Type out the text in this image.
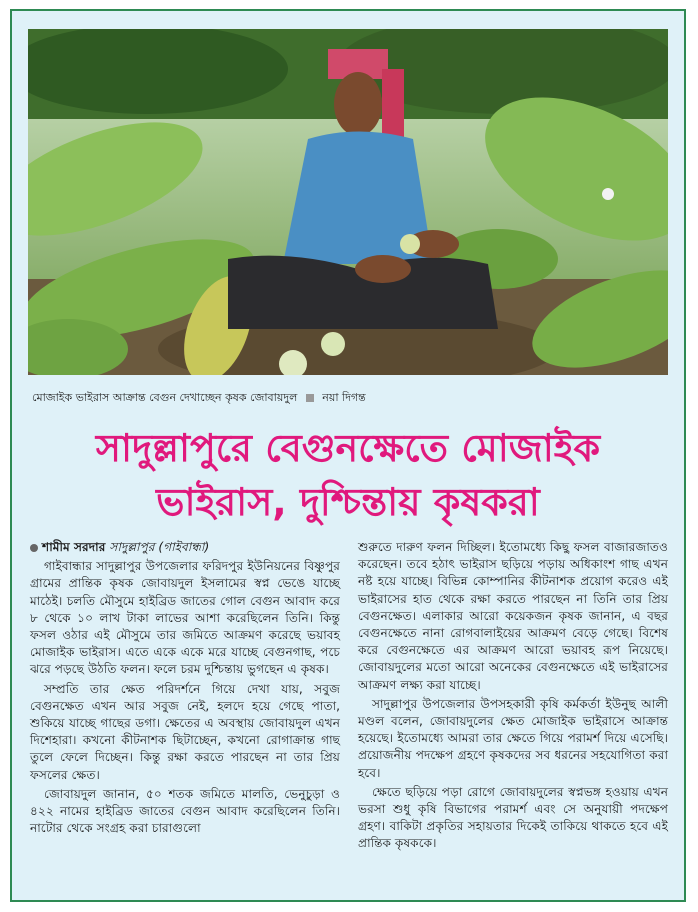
মোজাইক ভাইরাস আক্রান্ত বেগুন দেখাচ্ছেন কৃষক জোবায়দুল নয়া দিগন্ত
সাদুল্লাপুরে বেগুনক্ষেতে মোজাইক
ভাইরাস, দুশ্চিন্তায় কৃষকরা

শামীম সরদার সাদুল্লাপুর (গাইবান্ধা)

গাইবান্ধার সাদুল্লাপুর উপজেলার ফরিদপুর ইউনিয়নের বিষ্ণুপুর গ্রামের প্রান্তিক কৃষক জোবায়দুল ইসলামের স্বপ্ন ভেঙে যাচ্ছে মাঠেই। চলতি মৌসুমে হাইব্রিড জাতের গোল বেগুন আবাদ করে ৮ থেকে ১০ লাখ টাকা লাভের আশা করেছিলেন তিনি। কিন্তু ফসল ওঠার এই মৌসুমে তার জমিতে আক্রমণ করেছে ভয়াবহ মোজাইক ভাইরাস। এতে একে একে মরে যাচ্ছে বেগুনগাছ, পচে ঝরে পড়ছে উঠতি ফলন। ফলে চরম দুশ্চিন্তায় ভুগছেন এ কৃষক।

সম্প্রতি তার ক্ষেত পরিদর্শনে গিয়ে দেখা যায়, সবুজ বেগুনক্ষেত এখন আর সবুজ নেই, হলদে হয়ে গেছে পাতা, শুকিয়ে যাচ্ছে গাছের ডগা। ক্ষেতের এ অবস্থায় জোবায়দুল এখন দিশেহারা। কখনো কীটনাশক ছিটাচ্ছেন, কখনো রোগাক্রান্ত গাছ তুলে ফেলে দিচ্ছেন। কিন্তু রক্ষা করতে পারছেন না তার প্রিয় ফসলের ক্ষেত।

জোবায়দুল জানান, ৫০ শতক জমিতে মালতি, ভেনুচুড়া ও ৪২২ নামের হাইব্রিড জাতের বেগুন আবাদ করেছিলেন তিনি। নাটোর থেকে সংগ্রহ করা চারাগুলো

শুরুতে দারুণ ফলন দিচ্ছিল। ইতোমধ্যে কিছু ফসল বাজারজাতও করেছেন। তবে হঠাৎ ভাইরাস ছড়িয়ে পড়ায় অধিকাংশ গাছ এখন নষ্ট হয়ে যাচ্ছে। বিভিন্ন কোম্পানির কীটনাশক প্রয়োগ করেও এই ভাইরাসের হাত থেকে রক্ষা করতে পারছেন না তিনি তার প্রিয় বেগুনক্ষেত। এলাকার আরো কয়েকজন কৃষক জানান, এ বছর বেগুনক্ষেতে নানা রোগবালাইয়ের আক্রমণ বেড়ে গেছে। বিশেষ করে বেগুনক্ষেতে এর আক্রমণ আরো ভয়াবহ রূপ নিয়েছে। জোবায়দুলের মতো আরো অনেকের বেগুনক্ষেতে এই ভাইরাসের আক্রমণ লক্ষ্য করা যাচ্ছে।

সাদুল্লাপুর উপজেলার উপসহকারী কৃষি কর্মকর্তা ইউনুছ আলী মণ্ডল বলেন, জোবায়দুলের ক্ষেত মোজাইক ভাইরাসে আক্রান্ত হয়েছে। ইতোমধ্যে আমরা তার ক্ষেতে গিয়ে পরামর্শ দিয়ে এসেছি। প্রয়োজনীয় পদক্ষেপ গ্রহণে কৃষকদের সব ধরনের সহযোগিতা করা হবে।

ক্ষেতে ছড়িয়ে পড়া রোগে জোবায়দুলের স্বপ্নভঙ্গ হওয়ায় এখন ভরসা শুধু কৃষি বিভাগের পরামর্শ এবং সে অনুযায়ী পদক্ষেপ গ্রহণ। বাকিটা প্রকৃতির সহায়তার দিকেই তাকিয়ে থাকতে হবে এই প্রান্তিক কৃষককে।
